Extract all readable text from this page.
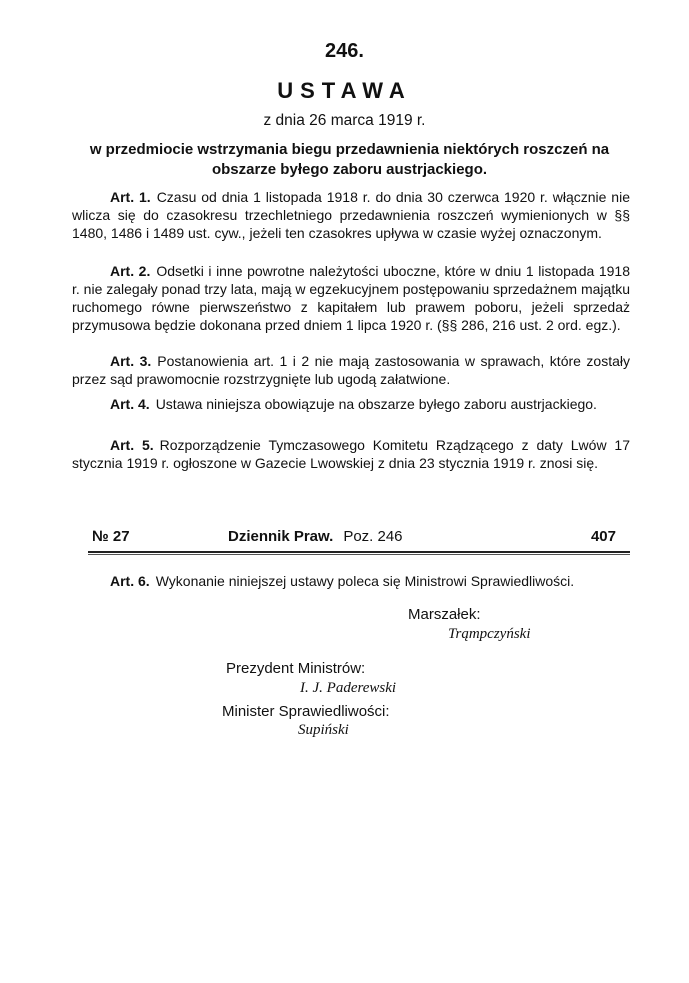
246.
USTAWA
z dnia 26 marca 1919 r.
w przedmiocie wstrzymania biegu przedawnienia niektórych roszczeń na obszarze byłego zaboru austrjackiego.
Art. 1. Czasu od dnia 1 listopada 1918 r. do dnia 30 czerwca 1920 r. włącznie nie wlicza się do czasokresu trzechletniego przedawnienia roszczeń wymienionych w §§ 1480, 1486 i 1489 ust. cyw., jeżeli ten czasokres upływa w czasie wyżej oznaczonym.
Art. 2. Odsetki i inne powrotne należytości uboczne, które w dniu 1 listopada 1918 r. nie zalegały ponad trzy lata, mają w egzekucyjnem postępowaniu sprzedażnem majątku ruchomego równe pierwszeństwo z kapitałem lub prawem poboru, jeżeli sprzedaż przymusowa będzie dokonana przed dniem 1 lipca 1920 r. (§§ 286, 216 ust. 2 ord. egz.).
Art. 3. Postanowienia art. 1 i 2 nie mają zastosowania w sprawach, które zostały przez sąd prawomocnie rozstrzygnięte lub ugodą załatwione.
Art. 4. Ustawa niniejsza obowiązuje na obszarze byłego zaboru austrjackiego.
Art. 5. Rozporządzenie Tymczasowego Komitetu Rządzącego z daty Lwów 17 stycznia 1919 r. ogłoszone w Gazecie Lwowskiej z dnia 23 stycznia 1919 r. znosi się.
№ 27	Dziennik Praw. Poz. 246	407
Art. 6. Wykonanie niniejszej ustawy poleca się Ministrowi Sprawiedliwości.
Marszałek:
Trąmpczyński
Prezydent Ministrów:
I. J. Paderewski
Minister Sprawiedliwości:
Supiński
